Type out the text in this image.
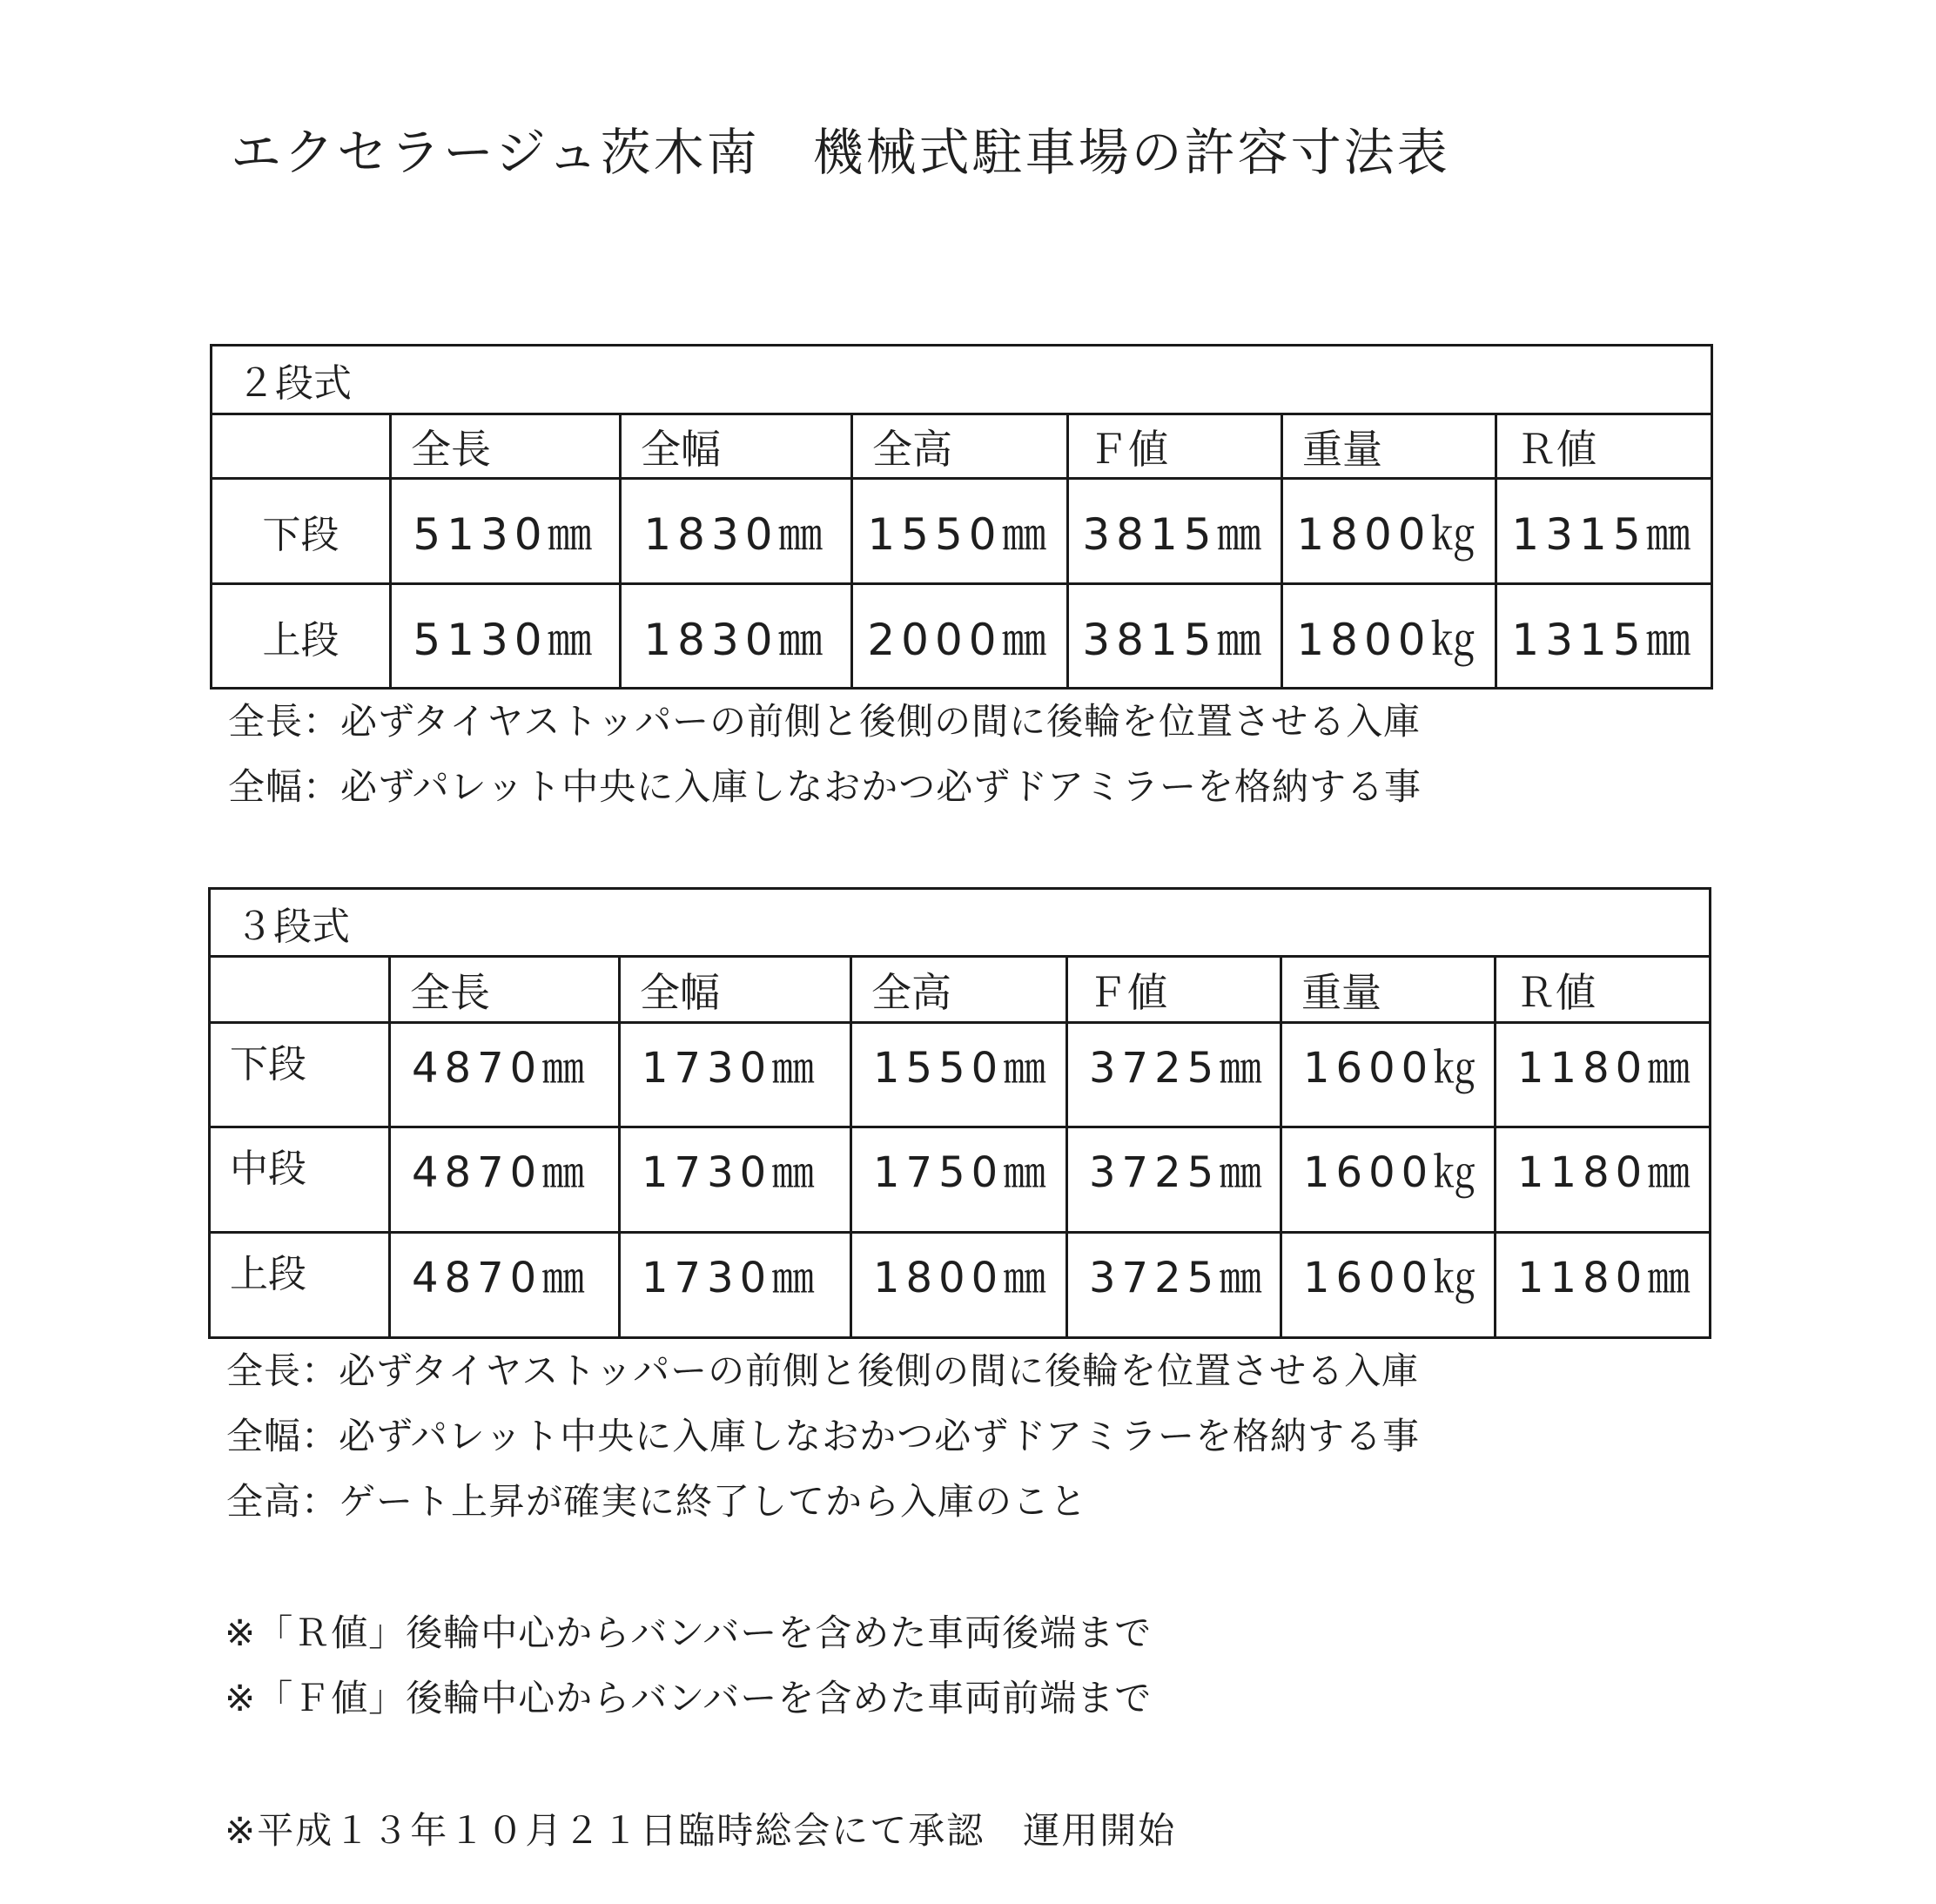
エクセラージュ茨木南　機械式駐車場の許容寸法表
２段式						
	全長	全幅	全高	Ｆ値	重量	Ｒ値
下段	5130㎜	1830㎜	1550㎜	3815㎜	1800㎏	1315㎜
上段	5130㎜	1830㎜	2000㎜	3815㎜	1800㎏	1315㎜
全長：必ずタイヤストッパーの前側と後側の間に後輪を位置させる入庫
全幅：必ずパレット中央に入庫しなおかつ必ずドアミラーを格納する事
３段式						
	全長	全幅	全高	Ｆ値	重量	Ｒ値
下段	4870㎜	1730㎜	1550㎜	3725㎜	1600㎏	1180㎜
中段	4870㎜	1730㎜	1750㎜	3725㎜	1600㎏	1180㎜
上段	4870㎜	1730㎜	1800㎜	3725㎜	1600㎏	1180㎜
全長：必ずタイヤストッパーの前側と後側の間に後輪を位置させる入庫
全幅：必ずパレット中央に入庫しなおかつ必ずドアミラーを格納する事
全高：ゲート上昇が確実に終了してから入庫のこと
※「Ｒ値」後輪中心からバンバーを含めた車両後端まで
※「Ｆ値」後輪中心からバンバーを含めた車両前端まで

※平成１３年１０月２１日臨時総会にて承認　運用開始
